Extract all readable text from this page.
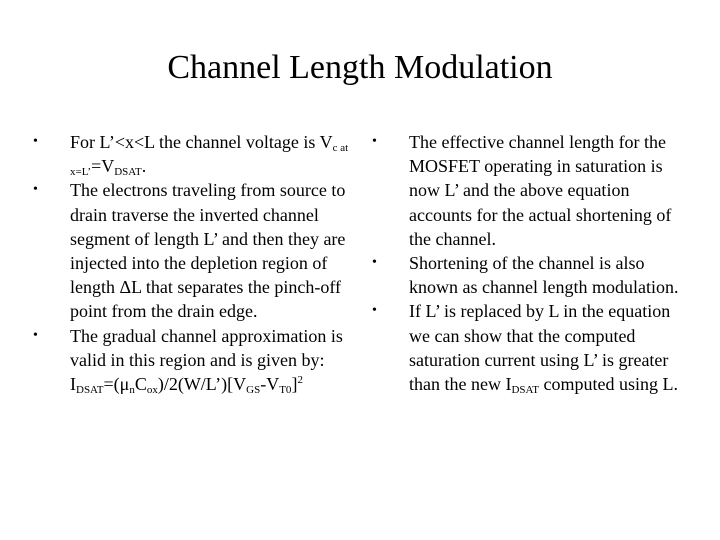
Channel Length Modulation
• For L’<x<L the channel voltage is $V_{c at x=L’}=V_{DSAT}$.
• The electrons traveling from source to drain traverse the inverted channel segment of length L’ and then they are injected into the depletion region of length ΔL that separates the pinch-off point from the drain edge.
• The gradual channel approximation is valid in this region and is given by: $I_{DSAT}=(\mu_nC_{ox})/2(W/L’)[V_{GS}-V_{T0}]^2$
• The effective channel length for the MOSFET operating in saturation is now L’ and the above equation accounts for the actual shortening of the channel.
• Shortening of the channel is also known as channel length modulation.
• If L’ is replaced by L in the equation we can show that the computed saturation current using L’ is greater than the new $I_{DSAT}$ computed using L.
